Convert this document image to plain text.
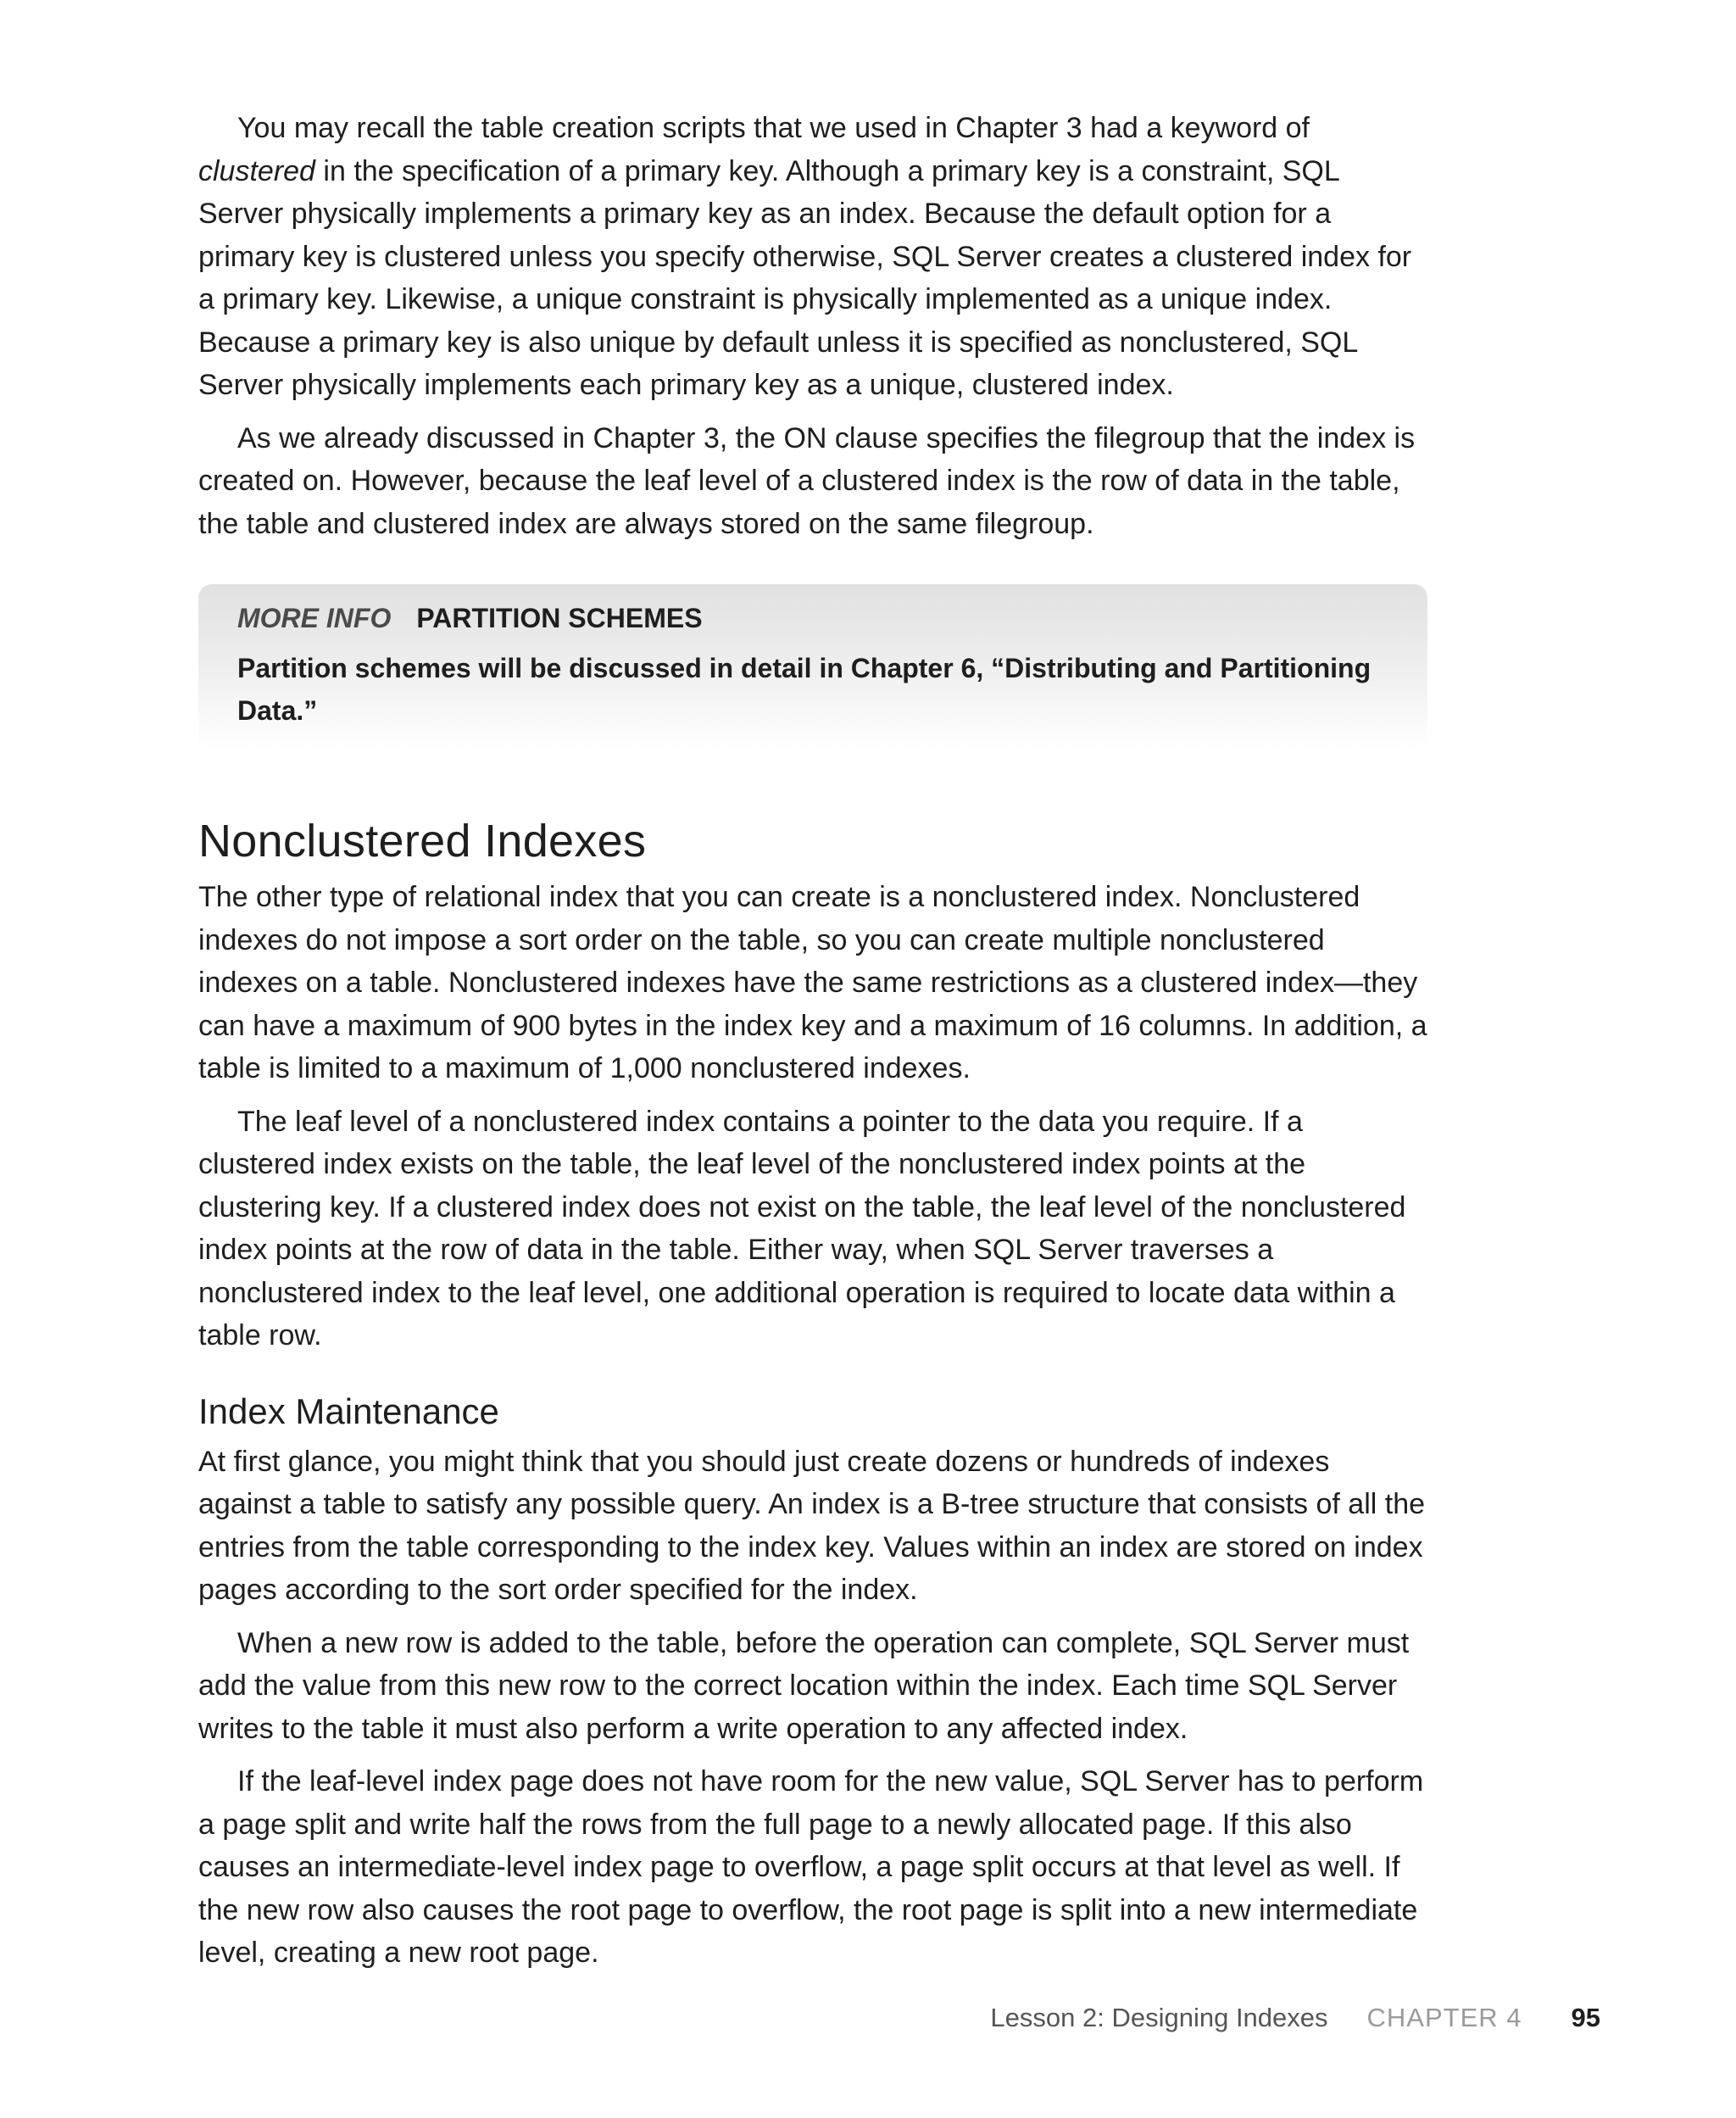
You may recall the table creation scripts that we used in Chapter 3 had a keyword of clustered in the specification of a primary key. Although a primary key is a constraint, SQL Server physically implements a primary key as an index. Because the default option for a primary key is clustered unless you specify otherwise, SQL Server creates a clustered index for a primary key. Likewise, a unique constraint is physically implemented as a unique index. Because a primary key is also unique by default unless it is specified as nonclustered, SQL Server physically implements each primary key as a unique, clustered index.

As we already discussed in Chapter 3, the ON clause specifies the filegroup that the index is created on. However, because the leaf level of a clustered index is the row of data in the table, the table and clustered index are always stored on the same filegroup.

MORE INFO PARTITION SCHEMES
Partition schemes will be discussed in detail in Chapter 6, “Distributing and Partitioning Data.”
Nonclustered Indexes

The other type of relational index that you can create is a nonclustered index. Nonclustered indexes do not impose a sort order on the table, so you can create multiple nonclustered indexes on a table. Nonclustered indexes have the same restrictions as a clustered index—they can have a maximum of 900 bytes in the index key and a maximum of 16 columns. In addition, a table is limited to a maximum of 1,000 nonclustered indexes.

The leaf level of a nonclustered index contains a pointer to the data you require. If a clustered index exists on the table, the leaf level of the nonclustered index points at the clustering key. If a clustered index does not exist on the table, the leaf level of the nonclustered index points at the row of data in the table. Either way, when SQL Server traverses a nonclustered index to the leaf level, one additional operation is required to locate data within a table row.

Index Maintenance

At first glance, you might think that you should just create dozens or hundreds of indexes against a table to satisfy any possible query. An index is a B-tree structure that consists of all the entries from the table corresponding to the index key. Values within an index are stored on index pages according to the sort order specified for the index.

When a new row is added to the table, before the operation can complete, SQL Server must add the value from this new row to the correct location within the index. Each time SQL Server writes to the table it must also perform a write operation to any affected index.

If the leaf-level index page does not have room for the new value, SQL Server has to perform a page split and write half the rows from the full page to a newly allocated page. If this also causes an intermediate-level index page to overflow, a page split occurs at that level as well. If the new row also causes the root page to overflow, the root page is split into a new intermediate level, creating a new root page.

Lesson 2: Designing Indexes CHAPTER 4 95
